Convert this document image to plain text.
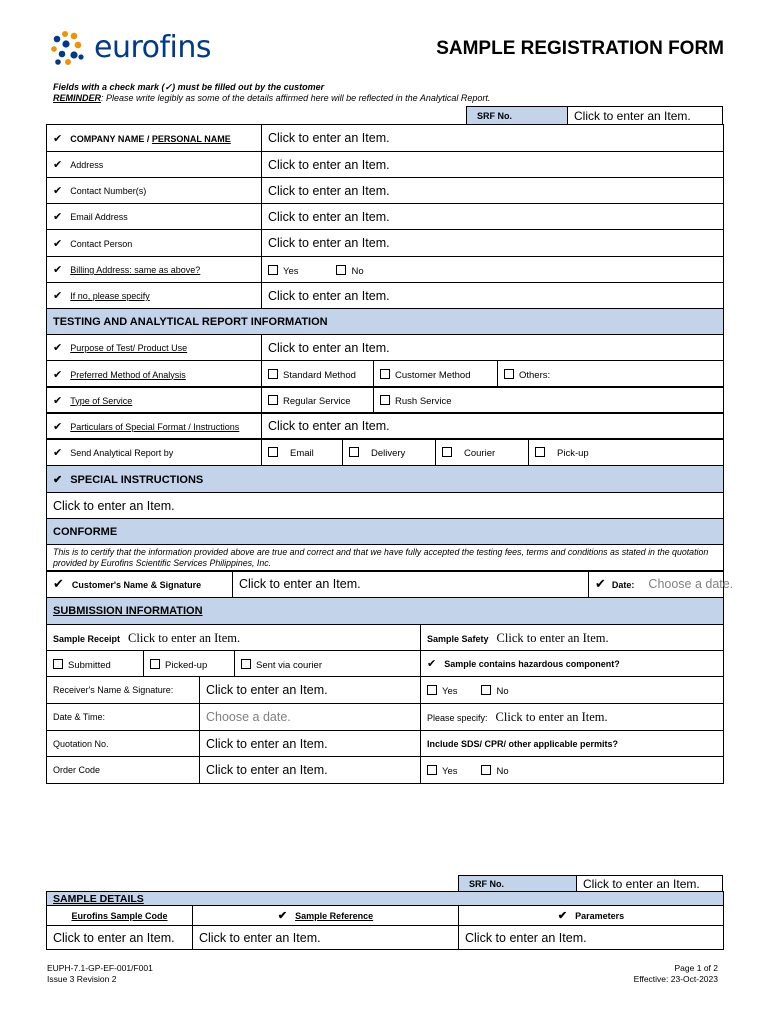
eurofins	SAMPLE REGISTRATION FORM
Fields with a check mark (✓) must be filled out by the customer
REMINDER: Please write legibly as some of the details affirmed here will be reflected in the Analytical Report.
SRF No.	Click to enter an Item.
✔ COMPANY NAME / PERSONAL NAME	Click to enter an Item.
✔ Address	Click to enter an Item.
✔ Contact Number(s)	Click to enter an Item.
✔ Email Address	Click to enter an Item.
✔ Contact Person	Click to enter an Item.
✔ Billing Address: same as above?	Yes No
✔ If no, please specify	Click to enter an Item.
TESTING AND ANALYTICAL REPORT INFORMATION	
✔ Purpose of Test/ Product Use	Click to enter an Item.
✔ Preferred Method of Analysis	Standard Method	Customer Method	Others:
✔ Type of Service	Regular Service	Rush Service
✔ Particulars of Special Format / Instructions	Click to enter an Item.
✔ Send Analytical Report by	Email	Delivery	Courier	Pick-up
✔ SPECIAL INSTRUCTIONS
Click to enter an Item.
CONFORME
This is to certify that the information provided above are true and correct and that we have fully accepted the testing fees, terms and conditions as stated in the quotation provided by Eurofins Scientific Services Philippines, Inc.
✔ Customer's Name & Signature	Click to enter an Item.	✔ Date: Choose a date.
SUBMISSION INFORMATION
Sample Receipt Click to enter an Item.	Sample Safety Click to enter an Item.
Submitted	Picked-up	Sent via courier	✔ Sample contains hazardous component?
Receiver's Name & Signature:	Click to enter an Item.	Yes No
Date & Time:	Choose a date.	Please specify: Click to enter an Item.
Quotation No.	Click to enter an Item.	Include SDS/ CPR/ other applicable permits?
Order Code	Click to enter an Item.	Yes No
SRF No.	Click to enter an Item.
SAMPLE DETAILS		
Eurofins Sample Code	✔ Sample Reference	✔ Parameters
Click to enter an Item.	Click to enter an Item.	Click to enter an Item.
EUPH-7.1-GP-EF-001/F001
Issue 3 Revision 2
Page 1 of 2
Effective: 23-Oct-2023
